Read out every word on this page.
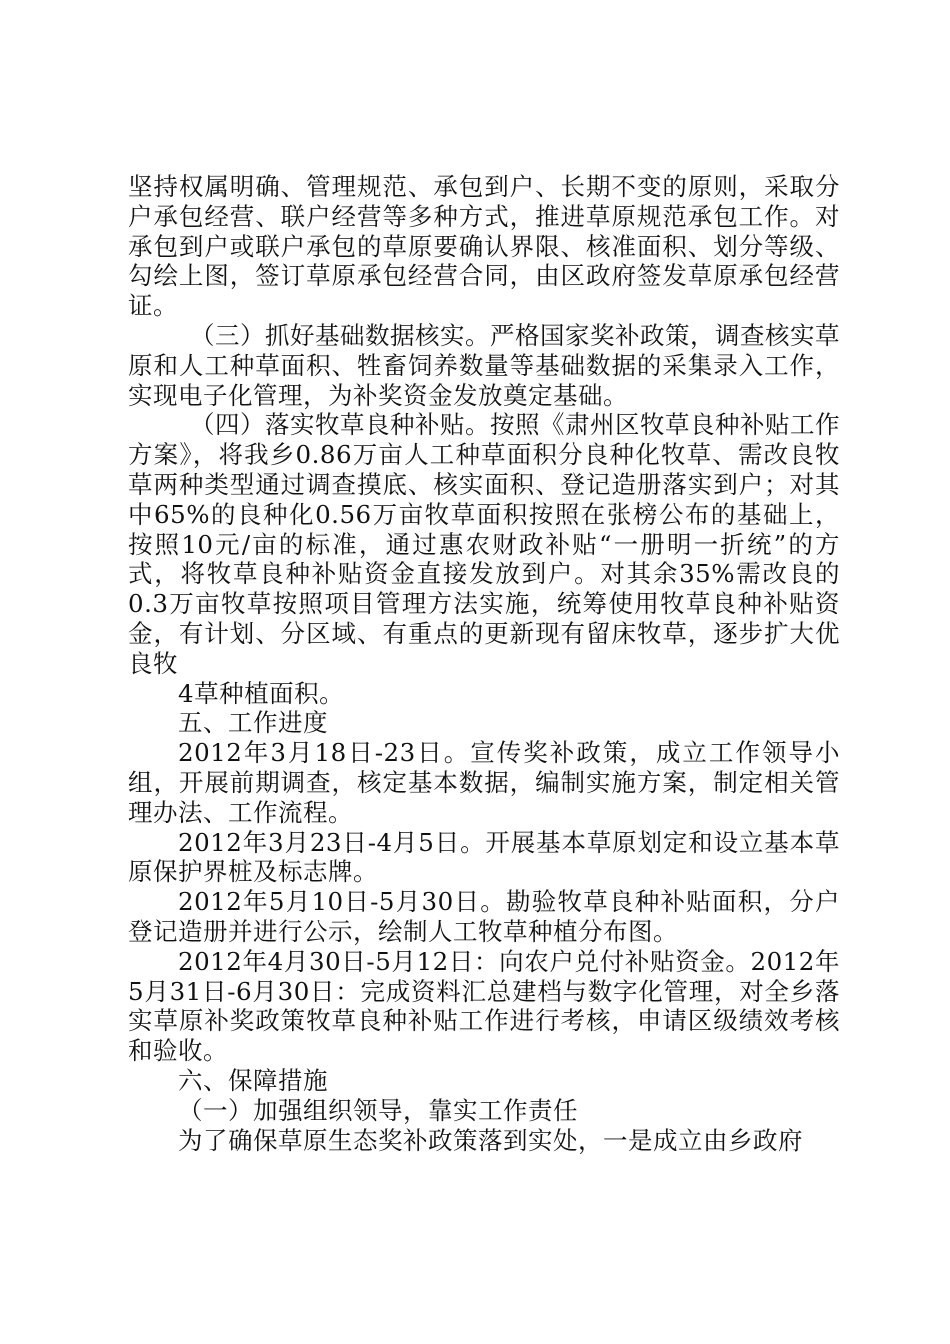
坚持权属明确、管理规范、承包到户、长期不变的原则，采取分户承包经营、联户经营等多种方式，推进草原规范承包工作。对承包到户或联户承包的草原要确认界限、核准面积、划分等级、勾绘上图，签订草原承包经营合同，由区政府签发草原承包经营证。

（三）抓好基础数据核实。严格国家奖补政策，调查核实草原和人工种草面积、牲畜饲养数量等基础数据的采集录入工作，实现电子化管理，为补奖资金发放奠定基础。

（四）落实牧草良种补贴。按照《肃州区牧草良种补贴工作方案》，将我乡0.86万亩人工种草面积分良种化牧草、需改良牧草两种类型通过调查摸底、核实面积、登记造册落实到户；对其中65%的良种化0.56万亩牧草面积按照在张榜公布的基础上，按照10元/亩的标准，通过惠农财政补贴“一册明一折统”的方式，将牧草良种补贴资金直接发放到户。对其余35%需改良的0.3万亩牧草按照项目管理方法实施，统筹使用牧草良种补贴资金，有计划、分区域、有重点的更新现有留床牧草，逐步扩大优良牧

4草种植面积。

五、工作进度

2012年3月18日-23日。宣传奖补政策，成立工作领导小组，开展前期调查，核定基本数据，编制实施方案，制定相关管理办法、工作流程。

2012年3月23日-4月5日。开展基本草原划定和设立基本草原保护界桩及标志牌。

2012年5月10日-5月30日。勘验牧草良种补贴面积，分户登记造册并进行公示，绘制人工牧草种植分布图。

2012年4月30日-5月12日：向农户兑付补贴资金。2012年5月31日-6月30日：完成资料汇总建档与数字化管理，对全乡落实草原补奖政策牧草良种补贴工作进行考核，申请区级绩效考核和验收。

六、保障措施

（一）加强组织领导，靠实工作责任

为了确保草原生态奖补政策落到实处，一是成立由乡政府
